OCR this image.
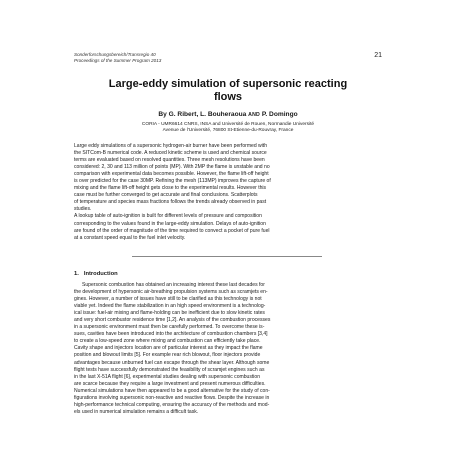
Sonderforschungsbereich/Transregio 40
Proceedings of the Summer Program 2013
21
Large-eddy simulation of supersonic reacting
flows
By G. Ribert, L. Bouheraoua AND P. Domingo
CORIA - UMR6614 CNRS, INSA and Université de Rouen, Normandie Université
Avenue de l'Université, 76800 St-Etienne-du-Rouvray, France
Large eddy simulations of a supersonic hydrogen-air burner have been performed with
the SITCom-B numerical code. A reduced kinetic scheme is used and chemical source
terms are evaluated based on resolved quantities. Three mesh resolutions have been
considered: 2, 30 and 113 million of points (MP). With 2MP the flame is unstable and no
comparison with experimental data becomes possible. However, the flame lift-off height
is over predicted for the case 30MP. Refining the mesh (113MP) improves the capture of
mixing and the flame lift-off height gets close to the experimental results. However this
case must be further converged to get accurate and final conclusions. Scatterplots
of temperature and species mass fractions follows the trends already observed in past
studies.
A lookup table of auto-ignition is built for different levels of pressure and composition
corresponding to the values found in the large-eddy simulation. Delays of auto-ignition
are found of the order of magnitude of the time required to convect a pocket of pure fuel
at a constant speed equal to the fuel inlet velocity.
1. Introduction
Supersonic combustion has obtained an increasing interest these last decades for
the development of hypersonic air-breathing propulsion systems such as scramjets en-
gines. However, a number of issues have still to be clarified as this technology is not
viable yet. Indeed the flame stabilization in an high speed environment is a technolog-
ical issue: fuel-air mixing and flame-holding can be inefficient due to slow kinetic rates
and very short combustor residence time [1,2]. An analysis of the combustion processes
in a supersonic environment must then be carefully performed. To overcome these is-
sues, cavities have been introduced into the architecture of combustion chambers [3,4]
to create a low-speed zone where mixing and combustion can efficiently take place.
Cavity shape and injectors location are of particular interest as they impact the flame
position and blowout limits [5]. For example rear rich blowout, floor injectors provide
advantages because unburned fuel can escape through the shear layer. Although some
flight tests have successfully demonstrated the feasibility of scramjet engines such as
in the last X-51A flight [6], experimental studies dealing with supersonic combustion
are scarce because they require a large investment and present numerous difficulties.
Numerical simulations have then appeared to be a good alternative for the study of con-
figurations involving supersonic non-reactive and reactive flows. Despite the increase in
high-performance technical computing, ensuring the accuracy of the methods and mod-
els used in numerical simulation remains a difficult task.
